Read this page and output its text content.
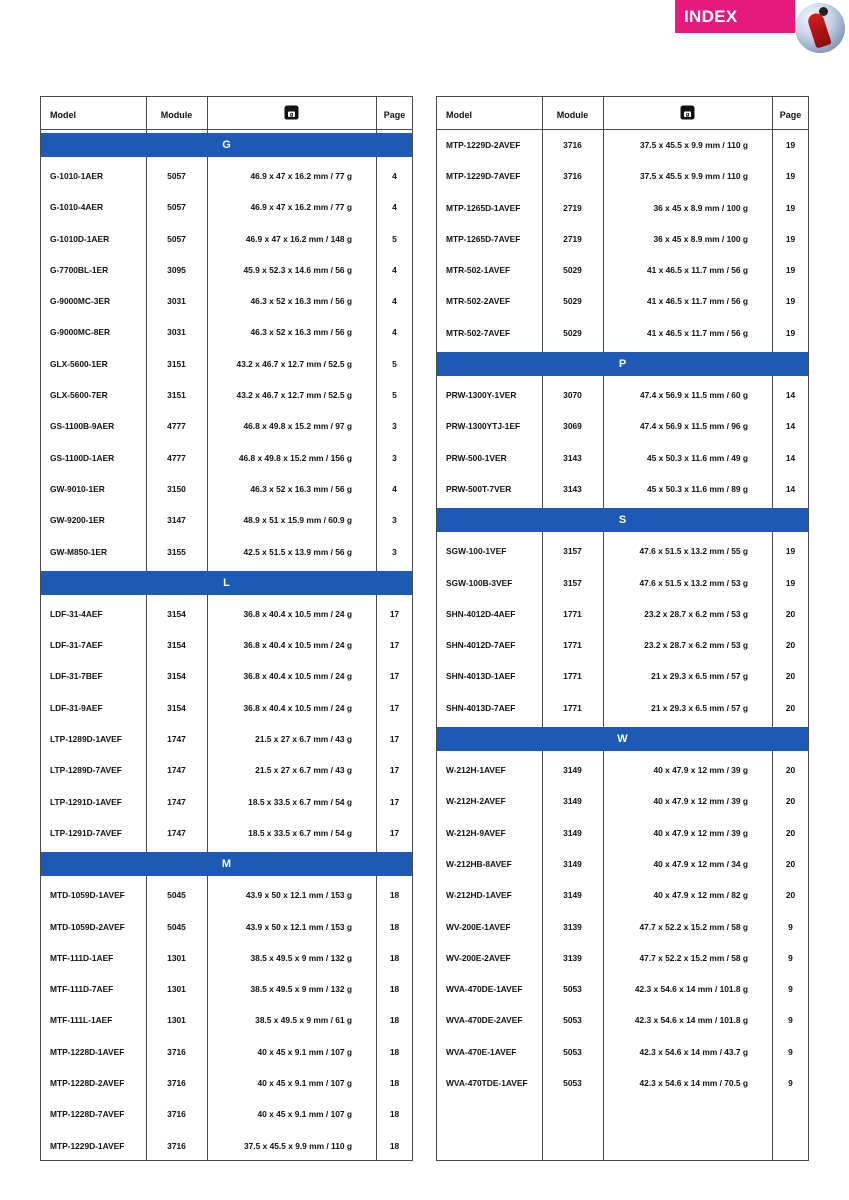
INDEX
Model	Module	g	Page
G
G-1010-1AER	5057	46.9 x 47 x 16.2 mm / 77 g	4
G-1010-4AER	5057	46.9 x 47 x 16.2 mm / 77 g	4
G-1010D-1AER	5057	46.9 x 47 x 16.2 mm / 148 g	5
G-7700BL-1ER	3095	45.9 x 52.3 x 14.6 mm / 56 g	4
G-9000MC-3ER	3031	46.3 x 52 x 16.3 mm / 56 g	4
G-9000MC-8ER	3031	46.3 x 52 x 16.3 mm / 56 g	4
GLX-5600-1ER	3151	43.2 x 46.7 x 12.7 mm / 52.5 g	5
GLX-5600-7ER	3151	43.2 x 46.7 x 12.7 mm / 52.5 g	5
GS-1100B-9AER	4777	46.8 x 49.8 x 15.2 mm / 97 g	3
GS-1100D-1AER	4777	46.8 x 49.8 x 15.2 mm / 156 g	3
GW-9010-1ER	3150	46.3 x 52 x 16.3 mm / 56 g	4
GW-9200-1ER	3147	48.9 x 51 x 15.9 mm / 60.9 g	3
GW-M850-1ER	3155	42.5 x 51.5 x 13.9 mm / 56 g	3
L
LDF-31-4AEF	3154	36.8 x 40.4 x 10.5 mm / 24 g	17
LDF-31-7AEF	3154	36.8 x 40.4 x 10.5 mm / 24 g	17
LDF-31-7BEF	3154	36.8 x 40.4 x 10.5 mm / 24 g	17
LDF-31-9AEF	3154	36.8 x 40.4 x 10.5 mm / 24 g	17
LTP-1289D-1AVEF	1747	21.5 x 27 x 6.7 mm / 43 g	17
LTP-1289D-7AVEF	1747	21.5 x 27 x 6.7 mm / 43 g	17
LTP-1291D-1AVEF	1747	18.5 x 33.5 x 6.7 mm / 54 g	17
LTP-1291D-7AVEF	1747	18.5 x 33.5 x 6.7 mm / 54 g	17
M
MTD-1059D-1AVEF	5045	43.9 x 50 x 12.1 mm / 153 g	18
MTD-1059D-2AVEF	5045	43.9 x 50 x 12.1 mm / 153 g	18
MTF-111D-1AEF	1301	38.5 x 49.5 x 9 mm / 132 g	18
MTF-111D-7AEF	1301	38.5 x 49.5 x 9 mm / 132 g	18
MTF-111L-1AEF	1301	38.5 x 49.5 x 9 mm / 61 g	18
MTP-1228D-1AVEF	3716	40 x 45 x 9.1 mm / 107 g	18
MTP-1228D-2AVEF	3716	40 x 45 x 9.1 mm / 107 g	18
MTP-1228D-7AVEF	3716	40 x 45 x 9.1 mm / 107 g	18
MTP-1229D-1AVEF	3716	37.5 x 45.5 x 9.9 mm / 110 g	18
Model	Module	g	Page
MTP-1229D-2AVEF	3716	37.5 x 45.5 x 9.9 mm / 110 g	19
MTP-1229D-7AVEF	3716	37.5 x 45.5 x 9.9 mm / 110 g	19
MTP-1265D-1AVEF	2719	36 x 45 x 8.9 mm / 100 g	19
MTP-1265D-7AVEF	2719	36 x 45 x 8.9 mm / 100 g	19
MTR-502-1AVEF	5029	41 x 46.5 x 11.7 mm / 56 g	19
MTR-502-2AVEF	5029	41 x 46.5 x 11.7 mm / 56 g	19
MTR-502-7AVEF	5029	41 x 46.5 x 11.7 mm / 56 g	19
P
PRW-1300Y-1VER	3070	47.4 x 56.9 x 11.5 mm / 60 g	14
PRW-1300YTJ-1EF	3069	47.4 x 56.9 x 11.5 mm / 96 g	14
PRW-500-1VER	3143	45 x 50.3 x 11.6 mm / 49 g	14
PRW-500T-7VER	3143	45 x 50.3 x 11.6 mm / 89 g	14
S
SGW-100-1VEF	3157	47.6 x 51.5 x 13.2 mm / 55 g	19
SGW-100B-3VEF	3157	47.6 x 51.5 x 13.2 mm / 53 g	19
SHN-4012D-4AEF	1771	23.2 x 28.7 x 6.2 mm / 53 g	20
SHN-4012D-7AEF	1771	23.2 x 28.7 x 6.2 mm / 53 g	20
SHN-4013D-1AEF	1771	21 x 29.3 x 6.5 mm / 57 g	20
SHN-4013D-7AEF	1771	21 x 29.3 x 6.5 mm / 57 g	20
W
W-212H-1AVEF	3149	40 x 47.9 x 12 mm / 39 g	20
W-212H-2AVEF	3149	40 x 47.9 x 12 mm / 39 g	20
W-212H-9AVEF	3149	40 x 47.9 x 12 mm / 39 g	20
W-212HB-8AVEF	3149	40 x 47.9 x 12 mm / 34 g	20
W-212HD-1AVEF	3149	40 x 47.9 x 12 mm / 82 g	20
WV-200E-1AVEF	3139	47.7 x 52.2 x 15.2 mm / 58 g	9
WV-200E-2AVEF	3139	47.7 x 52.2 x 15.2 mm / 58 g	9
WVA-470DE-1AVEF	5053	42.3 x 54.6 x 14 mm / 101.8 g	9
WVA-470DE-2AVEF	5053	42.3 x 54.6 x 14 mm / 101.8 g	9
WVA-470E-1AVEF	5053	42.3 x 54.6 x 14 mm / 43.7 g	9
WVA-470TDE-1AVEF	5053	42.3 x 54.6 x 14 mm / 70.5 g	9
